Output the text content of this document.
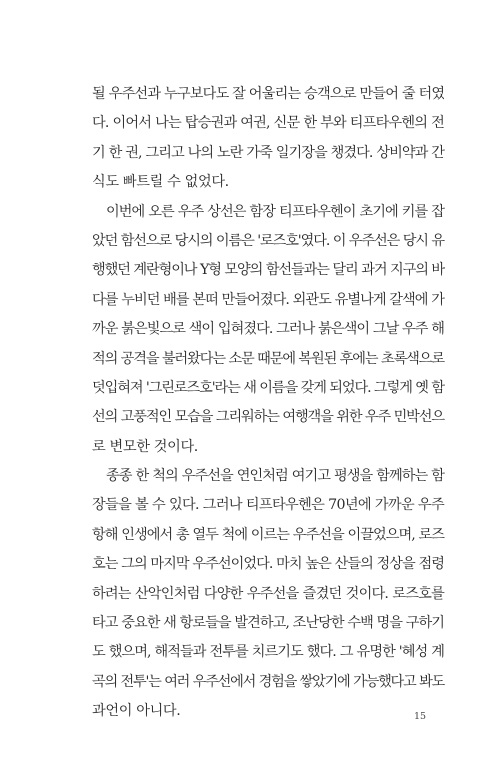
될 우주선과 누구보다도 잘 어울리는 승객으로 만들어 줄 터였
다. 이어서 나는 탑승권과 여권, 신문 한 부와 티프타우헨의 전
기 한 권, 그리고 나의 노란 가죽 일기장을 챙겼다. 상비약과 간
식도 빠트릴 수 없었다.
이번에 오른 우주 상선은 함장 티프타우헨이 초기에 키를 잡
았던 함선으로 당시의 이름은 '로즈호'였다. 이 우주선은 당시 유
행했던 계란형이나 Y형 모양의 함선들과는 달리 과거 지구의 바
다를 누비던 배를 본떠 만들어졌다. 외관도 유별나게 갈색에 가
까운 붉은빛으로 색이 입혀졌다. 그러나 붉은색이 그날 우주 해
적의 공격을 불러왔다는 소문 때문에 복원된 후에는 초록색으로
덧입혀져 '그린로즈호'라는 새 이름을 갖게 되었다. 그렇게 옛 함
선의 고풍적인 모습을 그리워하는 여행객을 위한 우주 민박선으
로 변모한 것이다.
종종 한 척의 우주선을 연인처럼 여기고 평생을 함께하는 함
장들을 볼 수 있다. 그러나 티프타우헨은 70년에 가까운 우주
항해 인생에서 총 열두 척에 이르는 우주선을 이끌었으며, 로즈
호는 그의 마지막 우주선이었다. 마치 높은 산들의 정상을 점령
하려는 산악인처럼 다양한 우주선을 즐겼던 것이다. 로즈호를
타고 중요한 새 항로들을 발견하고, 조난당한 수백 명을 구하기
도 했으며, 해적들과 전투를 치르기도 했다. 그 유명한 '혜성 계
곡의 전투'는 여러 우주선에서 경험을 쌓았기에 가능했다고 봐도
과언이 아니다.	15
